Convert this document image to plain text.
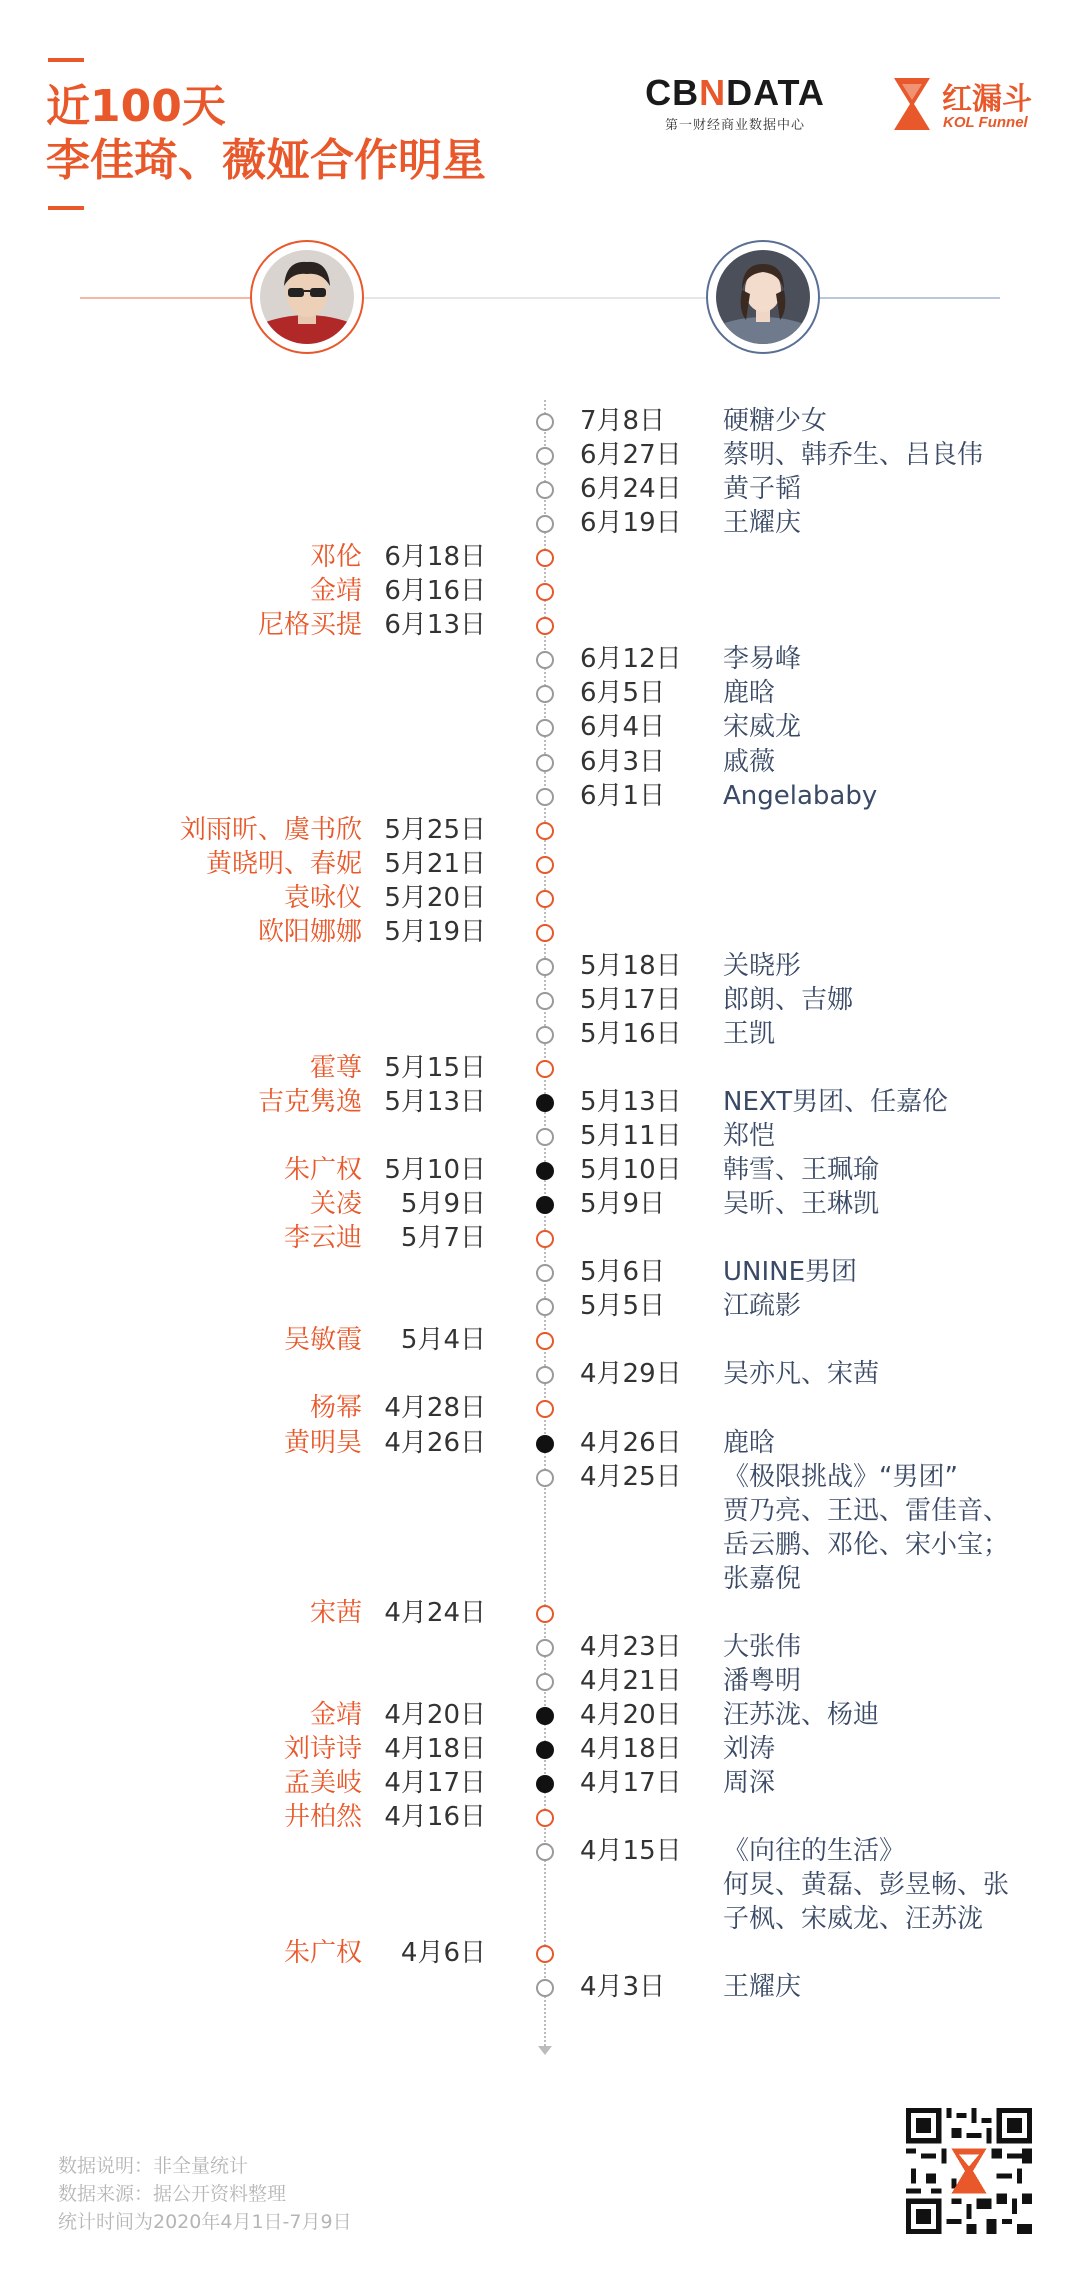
近100天
李佳琦、薇娅合作明星
CBNDATA
第一财经商业数据中心
红漏斗
KOL Funnel
7月8日 硬糖少女
6月27日 蔡明、韩乔生、吕良伟
6月24日 黄子韬
6月19日 王耀庆
邓伦 6月18日
金靖 6月16日
尼格买提 6月13日
6月12日 李易峰
6月5日 鹿晗
6月4日 宋威龙
6月3日 戚薇
6月1日 Angelababy
刘雨昕、虞书欣 5月25日
黄晓明、春妮 5月21日
袁咏仪 5月20日
欧阳娜娜 5月19日
5月18日 关晓彤
5月17日 郎朗、吉娜
5月16日 王凯
霍尊 5月15日
吉克隽逸 5月13日	5月13日 NEXT男团、任嘉伦
5月11日 郑恺
朱广权 5月10日	5月10日 韩雪、王珮瑜
关凌 5月9日	5月9日 吴昕、王琳凯
李云迪 5月7日
5月6日 UNINE男团
5月5日 江疏影
吴敏霞 5月4日
4月29日 吴亦凡、宋茜
杨幂 4月28日
黄明昊 4月26日	4月26日 鹿晗
4月25日 《极限挑战》“男团”
贾乃亮、王迅、雷佳音、
岳云鹏、邓伦、宋小宝；
张嘉倪
宋茜 4月24日
4月23日 大张伟
4月21日 潘粤明
金靖 4月20日	4月20日 汪苏泷、杨迪
刘诗诗 4月18日	4月18日 刘涛
孟美岐 4月17日	4月17日 周深
井柏然 4月16日
4月15日 《向往的生活》
何炅、黄磊、彭昱畅、张
子枫、宋威龙、汪苏泷
朱广权 4月6日
4月3日 王耀庆
数据说明：非全量统计
数据来源：据公开资料整理
统计时间为2020年4月1日-7月9日
